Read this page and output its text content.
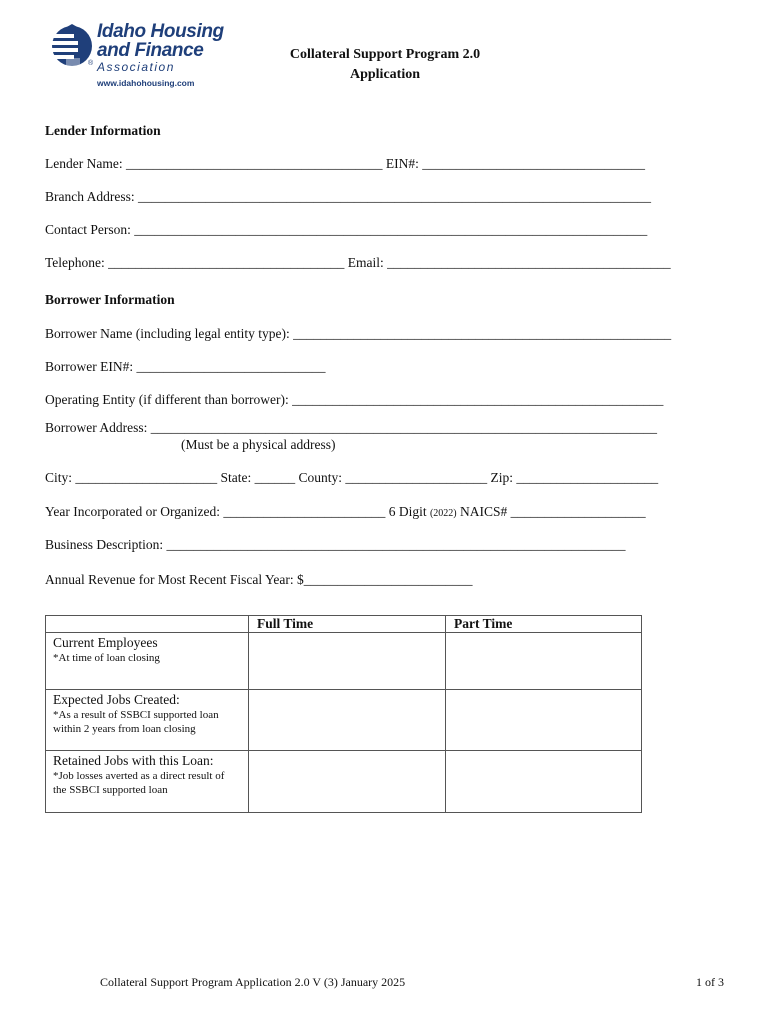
Idaho Housing
and Finance
® Association
www.idahohousing.com
Collateral Support Program 2.0
Application
Lender Information
Lender Name: ______________________________________ EIN#: _________________________________
Branch Address: ____________________________________________________________________________
Contact Person: ____________________________________________________________________________
Telephone: ___________________________________ Email: __________________________________________
Borrower Information
Borrower Name (including legal entity type): ________________________________________________________
Borrower EIN#: ____________________________
Operating Entity (if different than borrower): _______________________________________________________
Borrower Address: ___________________________________________________________________________
(Must be a physical address)
City: _____________________ State: ______ County: _____________________ Zip: _____________________
Year Incorporated or Organized: ________________________ 6 Digit (2022) NAICS# ____________________
Business Description: ____________________________________________________________________
Annual Revenue for Most Recent Fiscal Year: $_________________________
	Full Time	Part Time

Current Employees
*At time of loan closing		

Expected Jobs Created:
*As a result of SSBCI supported loan within 2 years from loan closing		

Retained Jobs with this Loan:
*Job losses averted as a direct result of the SSBCI supported loan		

Collateral Support Program Application 2.0 V (3) January 2025	1 of 3
